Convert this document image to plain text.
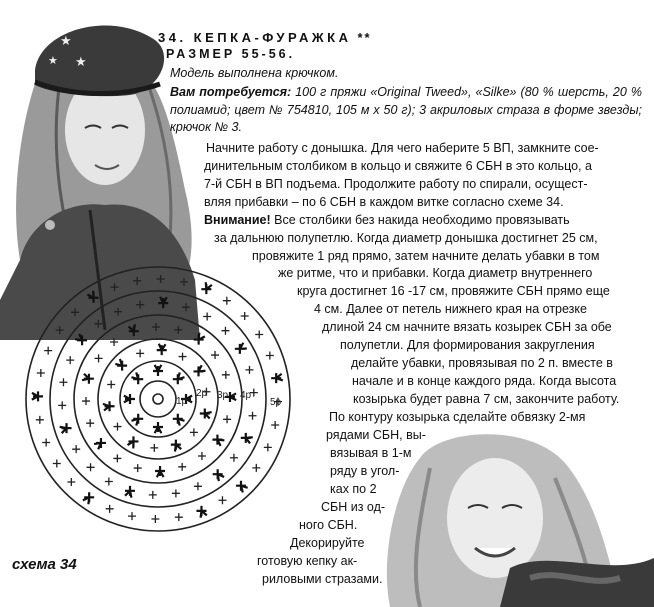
★
★
★
34. КЕПКА-ФУРАЖКА **
РАЗМЕР 55-56.
Модель выполнена крючком.
Вам потребуется: 100 г пряжи «Original Tweed», «Silke» (80 % шерсть, 20 % полиамид; цвет № 754810, 105 м х 50 г); 3 акриловых стразa в форме звезды; крючок № 3.
Начните работу с донышка. Для чего наберите 5 ВП, замкните сое-
динительным столбиком в кольцо и свяжите 6 СБН в это кольцо, а
7-й СБН в ВП подъема. Продолжите работу по спирали, осущест-
вляя прибавки – по 6 СБН в каждом витке согласно схеме 34.
Внимание! Все столбики без накида необходимо провязывать
за дальнюю полупетлю. Когда диаметр донышка достигнет 25 см,
провяжите 1 ряд прямо, затем начните делать убавки в том
же ритме, что и прибавки. Когда диаметр внутреннего
круга достигнет 16 -17 см, провяжите СБН прямо еще
4 см. Далее от петель нижнего края на отрезке
длиной 24 см начните вязать козырек СБН за обе
полупетли. Для формирования закругления
делайте убавки, провязывая по 2 п. вместе в
начале и в конце каждого ряда. Когда высота
козырька будет равна 7 см, закончите работу.
По контуру козырька сделайте обвязку 2-мя
рядами СБН, вы-
вязывая в 1-м
ряду в угол-
ках по 2
СБН из од-
ного СБН.
Декорируйте
готовую кепку ак-
риловыми стразами.
1р
2р 3р 4р
5р
схема 34
